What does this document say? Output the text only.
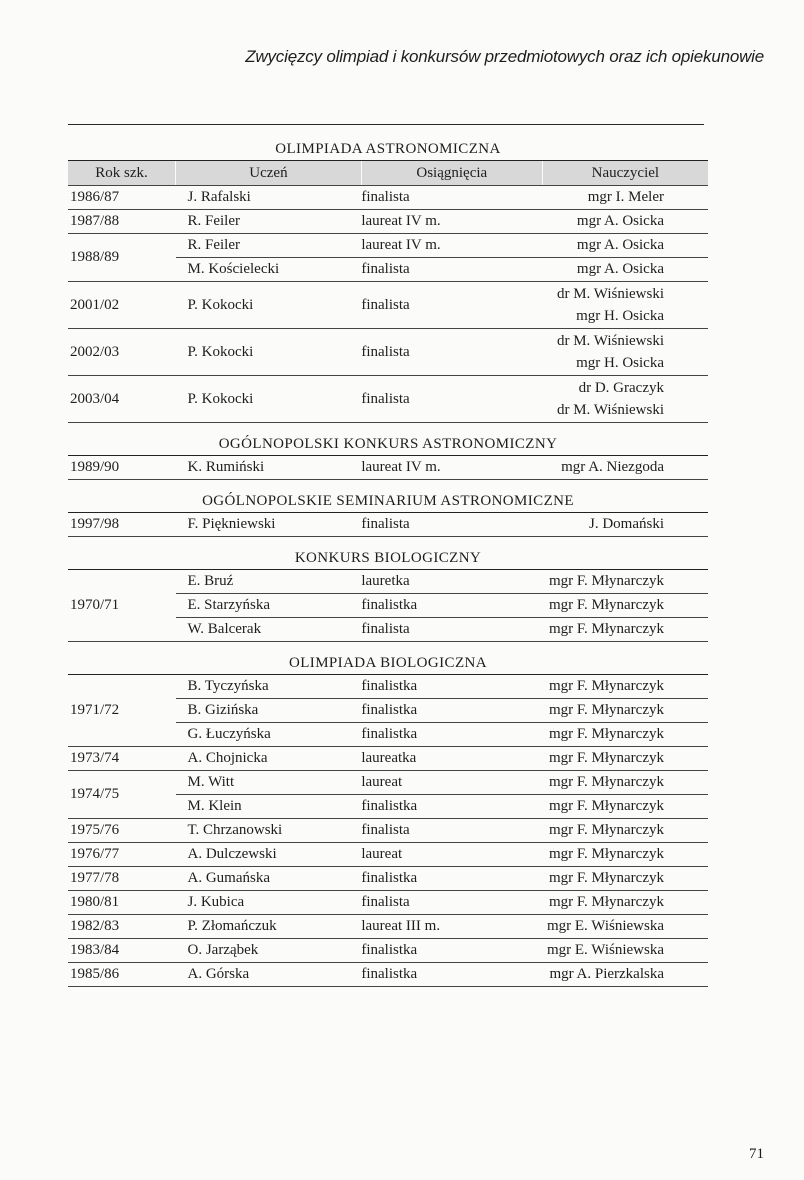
Zwycięzcy olimpiad i konkursów przedmiotowych oraz ich opiekunowie
OLIMPIADA ASTRONOMICZNA
Rok szk.	Uczeń	Osiągnięcia	Nauczyciel
1986/87	J. Rafalski	finalista	mgr I. Meler

1987/88	R. Feiler	laureat IV m.	mgr A. Osicka

1988/89	R. Feiler	laureat IV m.	mgr A. Osicka

	M. Kościelecki	finalista	mgr A. Osicka

2001/02	P. Kokocki	finalista	dr M. Wiśniewski
mgr H. Osicka

2002/03	P. Kokocki	finalista	dr M. Wiśniewski
mgr H. Osicka

2003/04	P. Kokocki	finalista	dr D. Graczyk
dr M. Wiśniewski
OGÓLNOPOLSKI KONKURS ASTRONOMICZNY
1989/90	K. Rumiński	laureat IV m.	mgr A. Niezgoda
OGÓLNOPOLSKIE SEMINARIUM ASTRONOMICZNE
1997/98	F. Piękniewski	finalista	J. Domański
KONKURS BIOLOGICZNY
1970/71	E. Bruź	lauretka	mgr F. Młynarczyk

	E. Starzyńska	finalistka	mgr F. Młynarczyk

	W. Balcerak	finalista	mgr F. Młynarczyk
OLIMPIADA BIOLOGICZNA
1971/72	B. Tyczyńska	finalistka	mgr F. Młynarczyk

	B. Gizińska	finalistka	mgr F. Młynarczyk

	G. Łuczyńska	finalistka	mgr F. Młynarczyk

1973/74	A. Chojnicka	laureatka	mgr F. Młynarczyk

1974/75	M. Witt	laureat	mgr F. Młynarczyk

	M. Klein	finalistka	mgr F. Młynarczyk

1975/76	T. Chrzanowski	finalista	mgr F. Młynarczyk

1976/77	A. Dulczewski	laureat	mgr F. Młynarczyk

1977/78	A. Gumańska	finalistka	mgr F. Młynarczyk

1980/81	J. Kubica	finalista	mgr F. Młynarczyk

1982/83	P. Złomańczuk	laureat III m.	mgr E. Wiśniewska

1983/84	O. Jarząbek	finalistka	mgr E. Wiśniewska

1985/86	A. Górska	finalistka	mgr A. Pierzkalska
71
